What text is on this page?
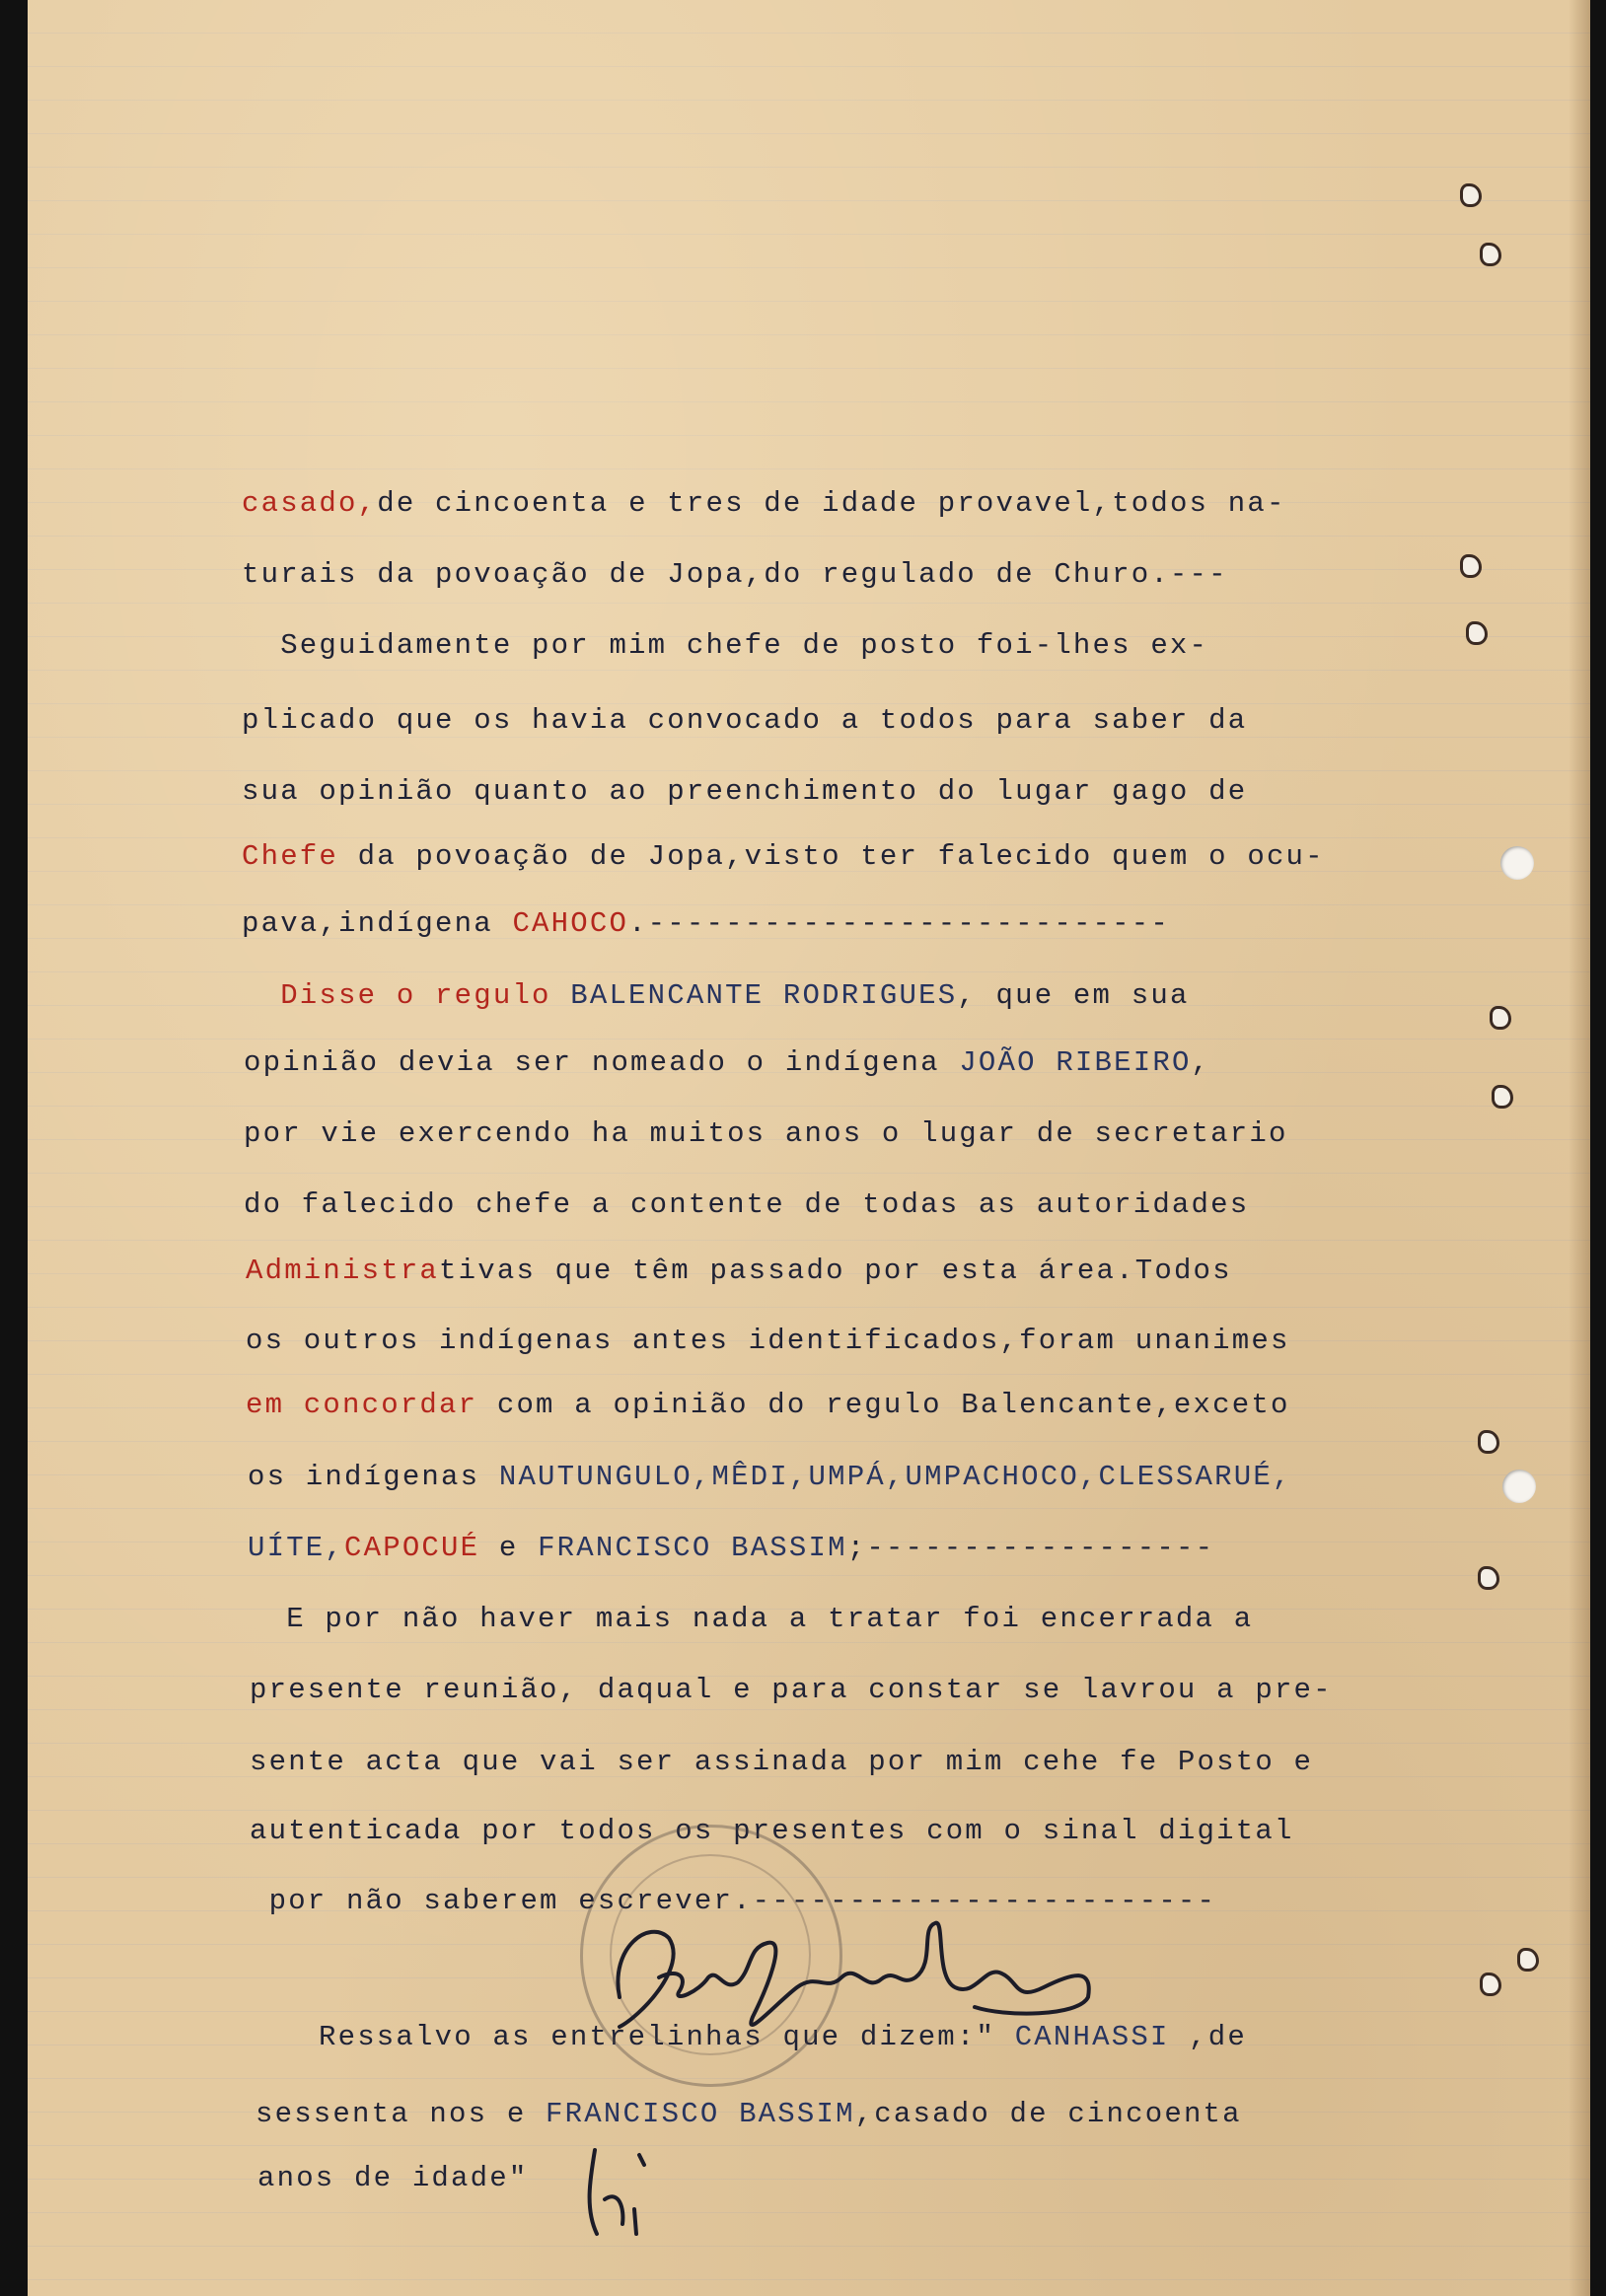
casado,de cincoenta e tres de idade provavel,todos na-

turais da povoação de Jopa,do regulado de Churo.---

Seguidamente por mim chefe de posto foi-lhes ex-

plicado que os havia convocado a todos para saber da

sua opinião quanto ao preenchimento do lugar gago de

Chefe da povoação de Jopa,visto ter falecido quem o ocu-

pava,indígena CAHOCO.---------------------------

Disse o regulo BALENCANTE RODRIGUES, que em sua

opinião devia ser nomeado o indígena JOÃO RIBEIRO,

por vie exercendo ha muitos anos o lugar de secretario

do falecido chefe a contente de todas as autoridades

Administrativas que têm passado por esta área.Todos

os outros indígenas antes identificados,foram unanimes

em concordar com a opinião do regulo Balencante,exceto

os indígenas NAUTUNGULO,MÊDI,UMPÁ,UMPACHOCO,CLESSARUÉ,

UÍTE,CAPOCUÉ e FRANCISCO BASSIM;------------------

E por não haver mais nada a tratar foi encerrada a

presente reunião, daqual e para constar se lavrou a pre-

sente acta que vai ser assinada por mim cehe fe Posto e

autenticada por todos os presentes com o sinal digital

por não saberem escrever.------------------------

Ressalvo as entrelinhas que dizem:" CANHASSI ,de

sessenta nos e FRANCISCO BASSIM,casado de cincoenta

anos de idade"
